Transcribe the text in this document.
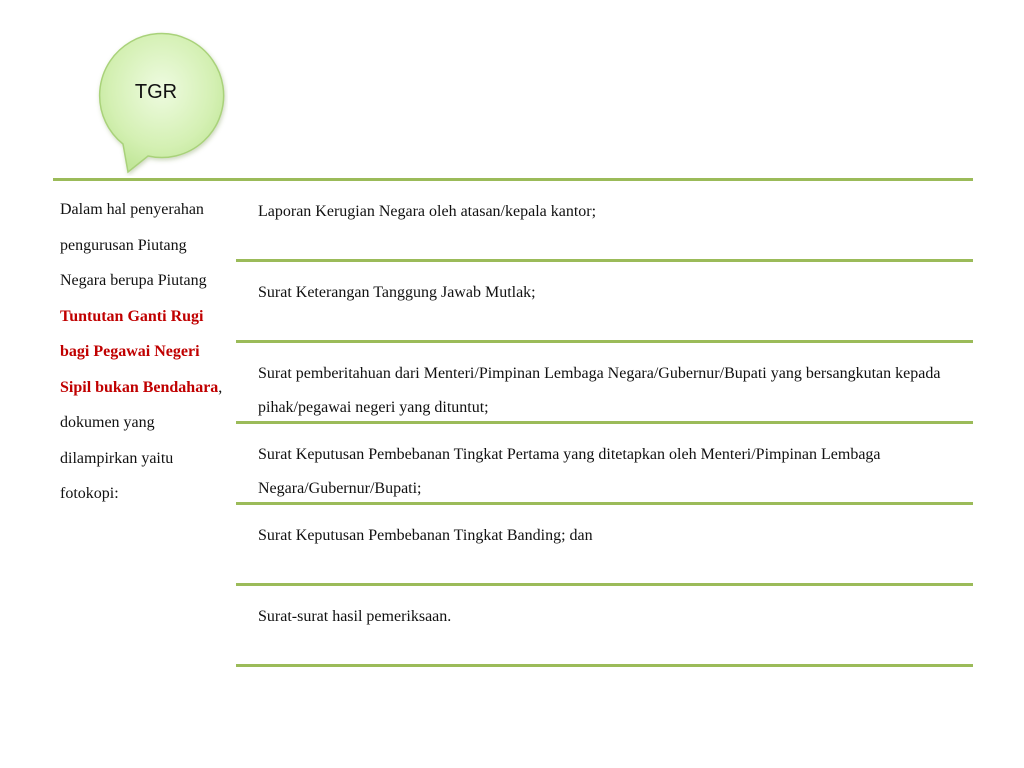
TGR
Dalam hal penyerahan pengurusan Piutang Negara berupa Piutang Tuntutan Ganti Rugi bagi Pegawai Negeri Sipil bukan Bendahara, dokumen yang dilampirkan yaitu fotokopi:
Laporan Kerugian Negara oleh atasan/kepala kantor;
Surat Keterangan Tanggung Jawab Mutlak;
Surat pemberitahuan dari Menteri/Pimpinan Lembaga Negara/Gubernur/Bupati yang bersangkutan kepada pihak/pegawai negeri yang dituntut;
Surat Keputusan Pembebanan Tingkat Pertama yang ditetapkan oleh Menteri/Pimpinan Lembaga Negara/Gubernur/Bupati;
Surat Keputusan Pembebanan Tingkat Banding; dan
Surat-surat hasil pemeriksaan.
